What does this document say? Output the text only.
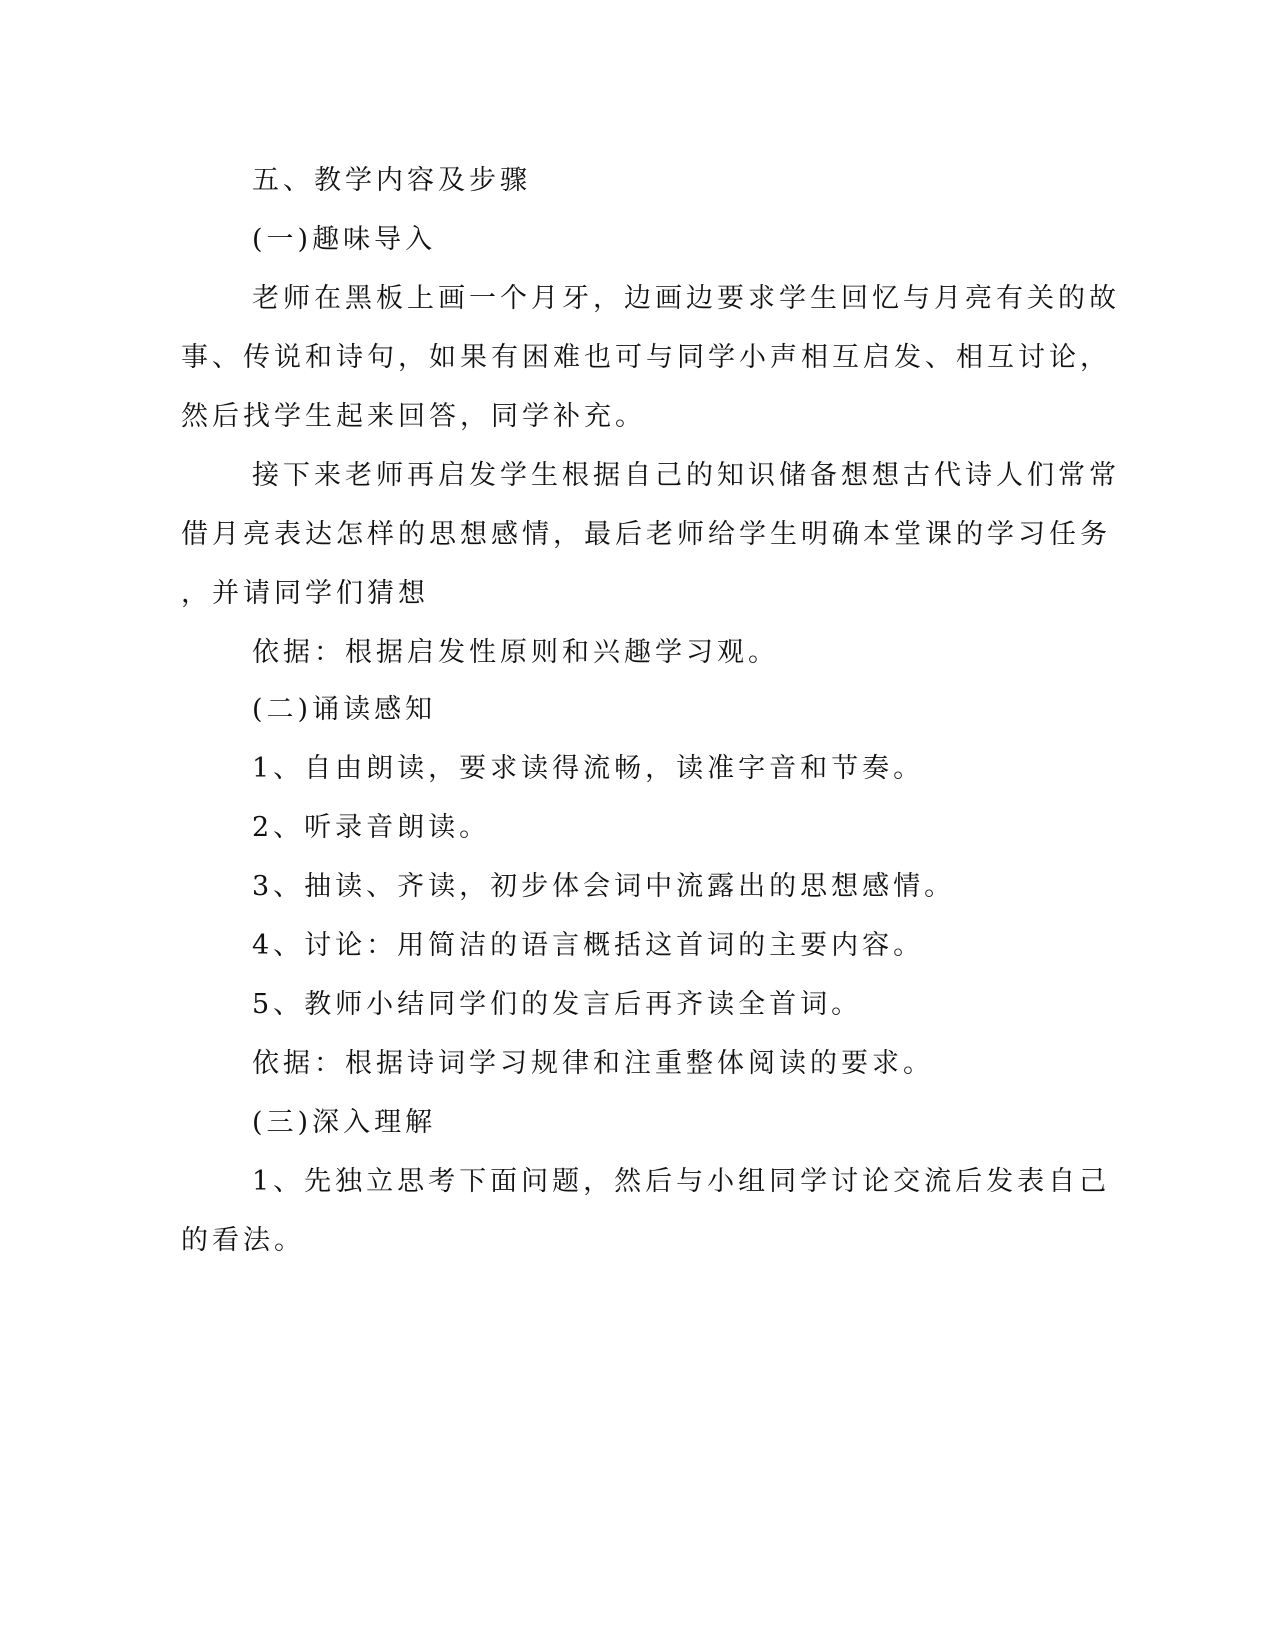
五、教学内容及步骤
(一)趣味导入
老师在黑板上画一个月牙，边画边要求学生回忆与月亮有关的故
事、传说和诗句，如果有困难也可与同学小声相互启发、相互讨论，
然后找学生起来回答，同学补充。
接下来老师再启发学生根据自己的知识储备想想古代诗人们常常
借月亮表达怎样的思想感情，最后老师给学生明确本堂课的学习任务
，并请同学们猜想
依据：根据启发性原则和兴趣学习观。
(二)诵读感知
1、自由朗读，要求读得流畅，读准字音和节奏。
2、听录音朗读。
3、抽读、齐读，初步体会词中流露出的思想感情。
4、讨论：用简洁的语言概括这首词的主要内容。
5、教师小结同学们的发言后再齐读全首词。
依据：根据诗词学习规律和注重整体阅读的要求。
(三)深入理解
1、先独立思考下面问题，然后与小组同学讨论交流后发表自己
的看法。
